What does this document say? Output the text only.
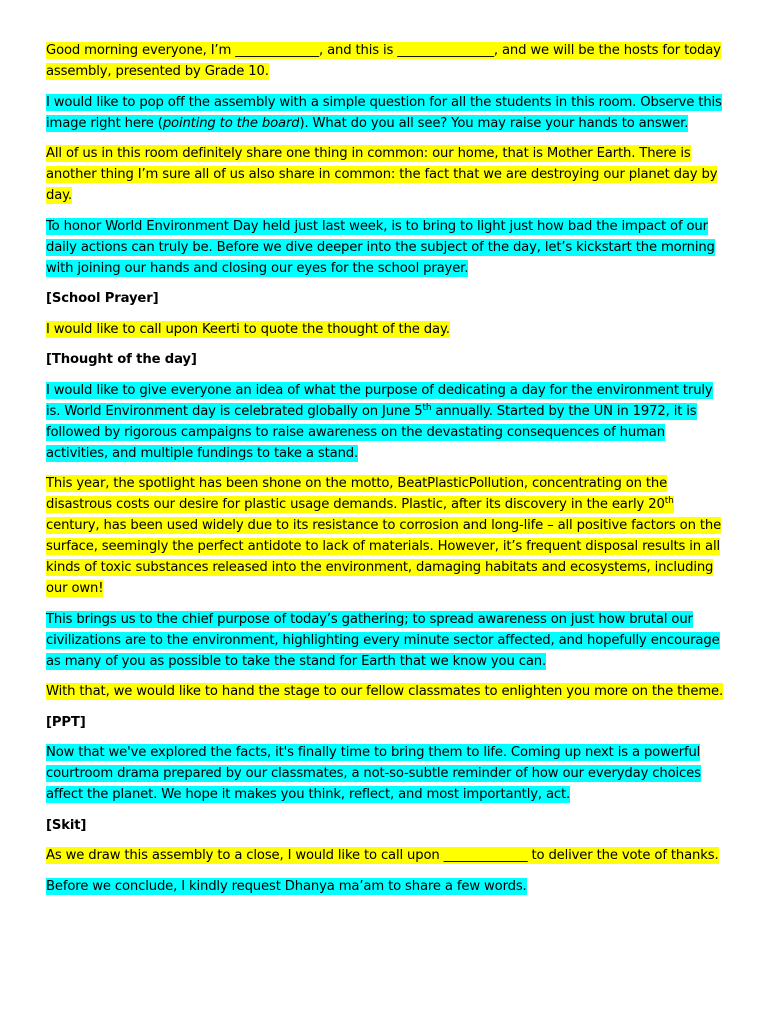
Good morning everyone, I’m _____________, and this is _______________, and we will be the hosts for today assembly, presented by Grade 10.

I would like to pop off the assembly with a simple question for all the students in this room. Observe this image right here (pointing to the board). What do you all see? You may raise your hands to answer.

All of us in this room definitely share one thing in common: our home, that is Mother Earth. There is another thing I’m sure all of us also share in common: the fact that we are destroying our planet day by day.

To honor World Environment Day held just last week, is to bring to light just how bad the impact of our daily actions can truly be. Before we dive deeper into the subject of the day, let’s kickstart the morning with joining our hands and closing our eyes for the school prayer.

[School Prayer]

I would like to call upon Keerti to quote the thought of the day.

[Thought of the day]

I would like to give everyone an idea of what the purpose of dedicating a day for the environment truly is. World Environment day is celebrated globally on June 5th annually. Started by the UN in 1972, it is followed by rigorous campaigns to raise awareness on the devastating consequences of human activities, and multiple fundings to take a stand.

This year, the spotlight has been shone on the motto, BeatPlasticPollution, concentrating on the disastrous costs our desire for plastic usage demands. Plastic, after its discovery in the early 20th century, has been used widely due to its resistance to corrosion and long-life – all positive factors on the surface, seemingly the perfect antidote to lack of materials. However, it’s frequent disposal results in all kinds of toxic substances released into the environment, damaging habitats and ecosystems, including our own!

This brings us to the chief purpose of today’s gathering; to spread awareness on just how brutal our civilizations are to the environment, highlighting every minute sector affected, and hopefully encourage as many of you as possible to take the stand for Earth that we know you can.

With that, we would like to hand the stage to our fellow classmates to enlighten you more on the theme.

[PPT]

Now that we've explored the facts, it's finally time to bring them to life. Coming up next is a powerful courtroom drama prepared by our classmates, a not-so-subtle reminder of how our everyday choices affect the planet. We hope it makes you think, reflect, and most importantly, act.

[Skit]

As we draw this assembly to a close, I would like to call upon _____________ to deliver the vote of thanks.

Before we conclude, I kindly request Dhanya ma’am to share a few words.
